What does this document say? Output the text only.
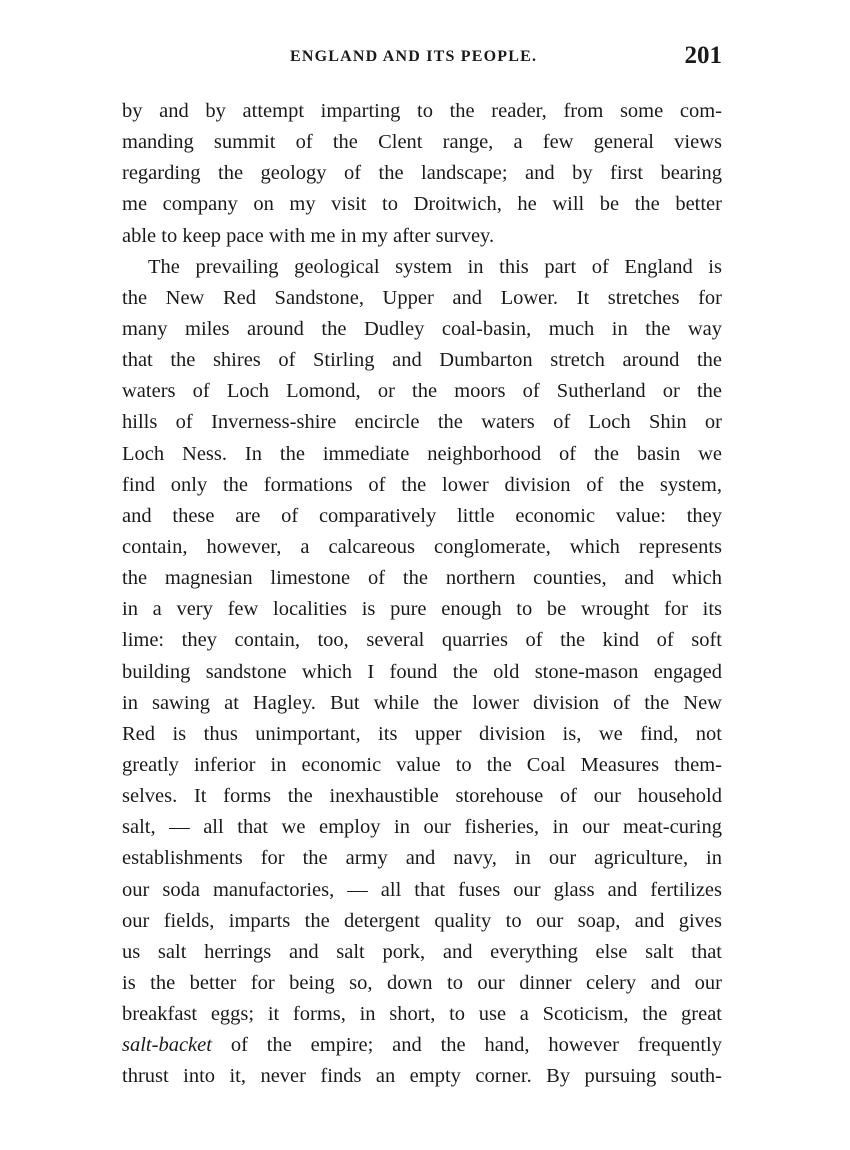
ENGLAND AND ITS PEOPLE.	201
by and by attempt imparting to the reader, from some com-
manding summit of the Clent range, a few general views
regarding the geology of the landscape; and by first bearing
me company on my visit to Droitwich, he will be the better
able to keep pace with me in my after survey.
The prevailing geological system in this part of England is
the New Red Sandstone, Upper and Lower. It stretches for
many miles around the Dudley coal-basin, much in the way
that the shires of Stirling and Dumbarton stretch around the
waters of Loch Lomond, or the moors of Sutherland or the
hills of Inverness-shire encircle the waters of Loch Shin or
Loch Ness. In the immediate neighborhood of the basin we
find only the formations of the lower division of the system,
and these are of comparatively little economic value: they
contain, however, a calcareous conglomerate, which represents
the magnesian limestone of the northern counties, and which
in a very few localities is pure enough to be wrought for its
lime: they contain, too, several quarries of the kind of soft
building sandstone which I found the old stone-mason engaged
in sawing at Hagley. But while the lower division of the New
Red is thus unimportant, its upper division is, we find, not
greatly inferior in economic value to the Coal Measures them-
selves. It forms the inexhaustible storehouse of our household
salt, — all that we employ in our fisheries, in our meat-curing
establishments for the army and navy, in our agriculture, in
our soda manufactories, — all that fuses our glass and fertilizes
our fields, imparts the detergent quality to our soap, and gives
us salt herrings and salt pork, and everything else salt that
is the better for being so, down to our dinner celery and our
breakfast eggs; it forms, in short, to use a Scoticism, the great
salt-backet of the empire; and the hand, however frequently
thrust into it, never finds an empty corner. By pursuing south-
